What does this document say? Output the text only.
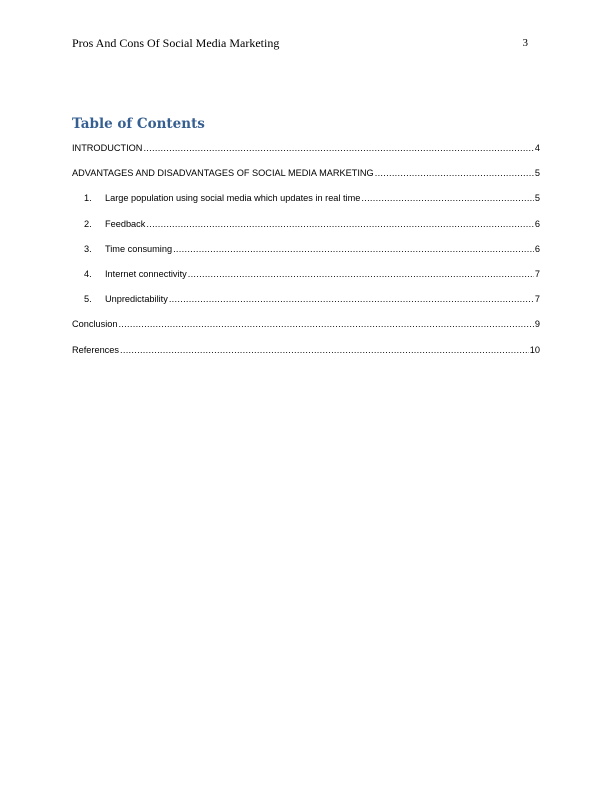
Pros And Cons Of Social Media Marketing	3
Table of Contents
INTRODUCTION .....	4
ADVANTAGES AND DISADVANTAGES OF SOCIAL MEDIA MARKETING .....	5
1.	Large population using social media which updates in real time .....	5
2.	Feedback .....	6
3.	Time consuming .....	6
4.	Internet connectivity .....	7
5.	Unpredictability .....	7
Conclusion .....	9
References .....	10
